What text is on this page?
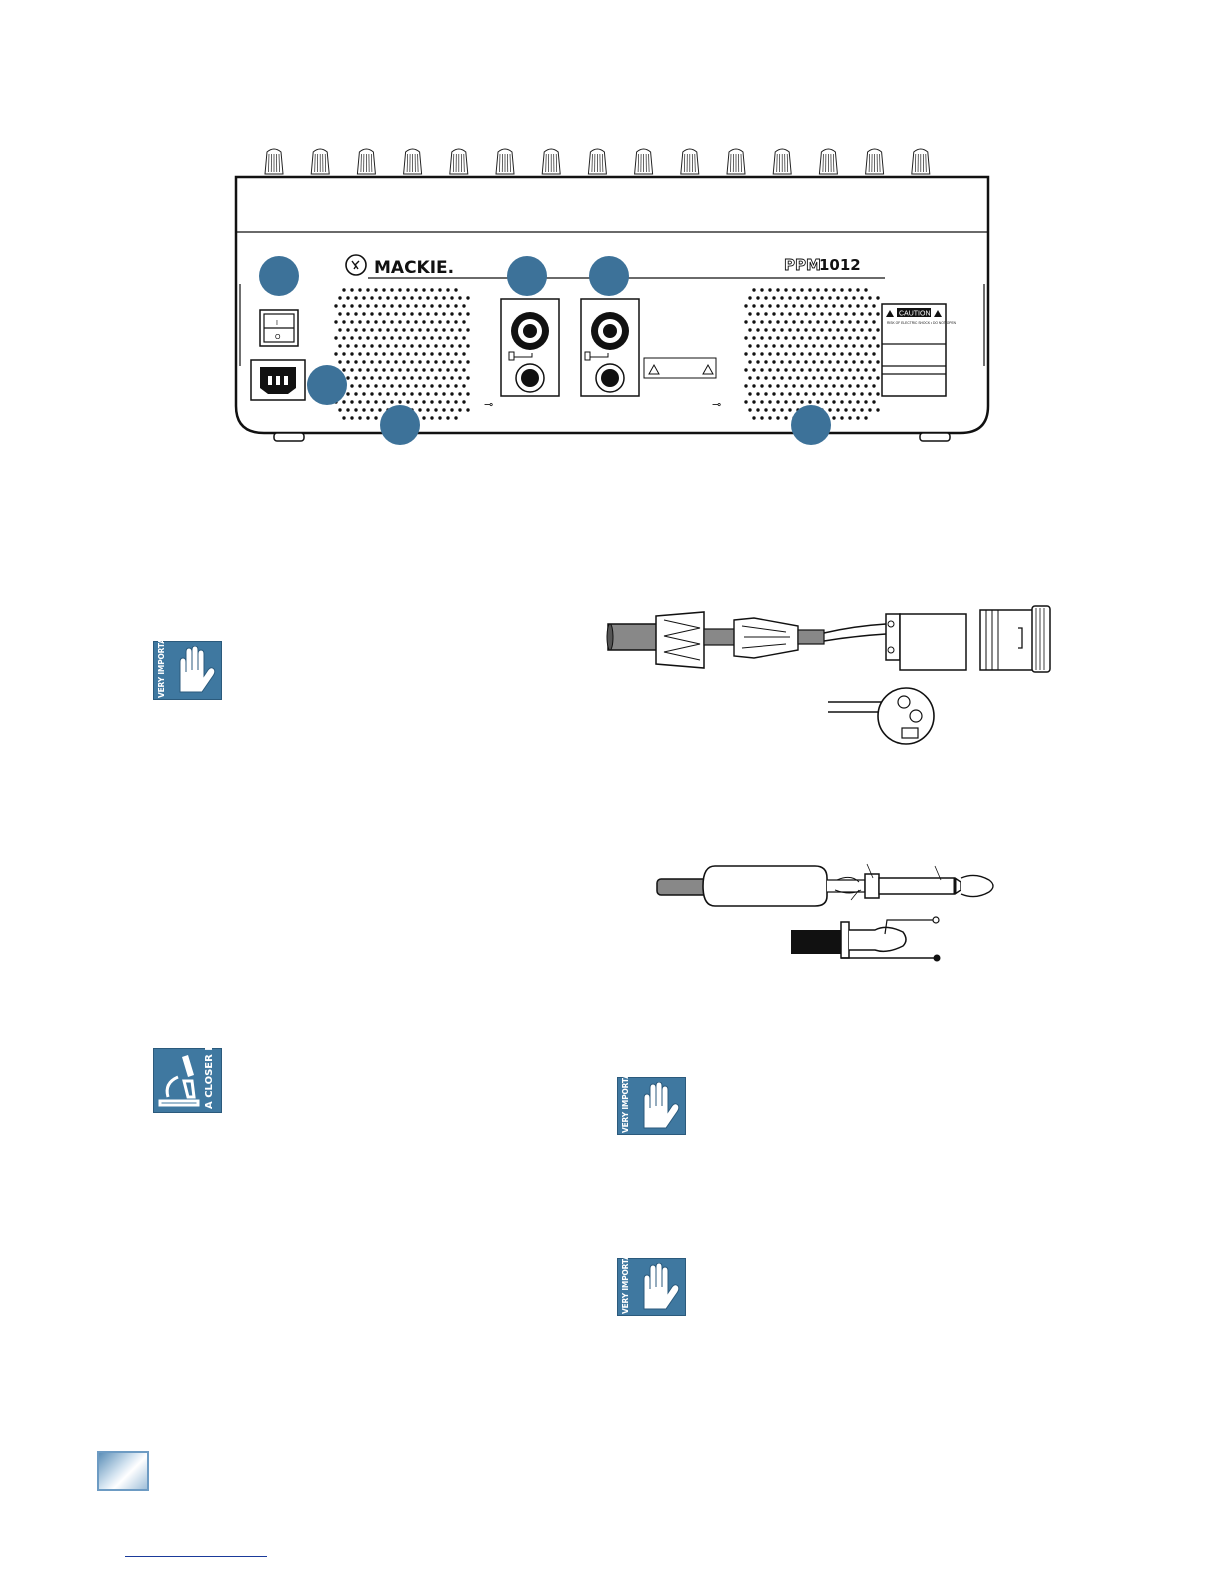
MACKIE.	PPM
1012
I
O
⊸	⊸
CAUTION
RISK OF ELECTRIC SHOCK • DO NOT OPEN
VERY IMPORTANT
A CLOSER LOOK	VERY IMPORTANT
VERY IMPORTANT
